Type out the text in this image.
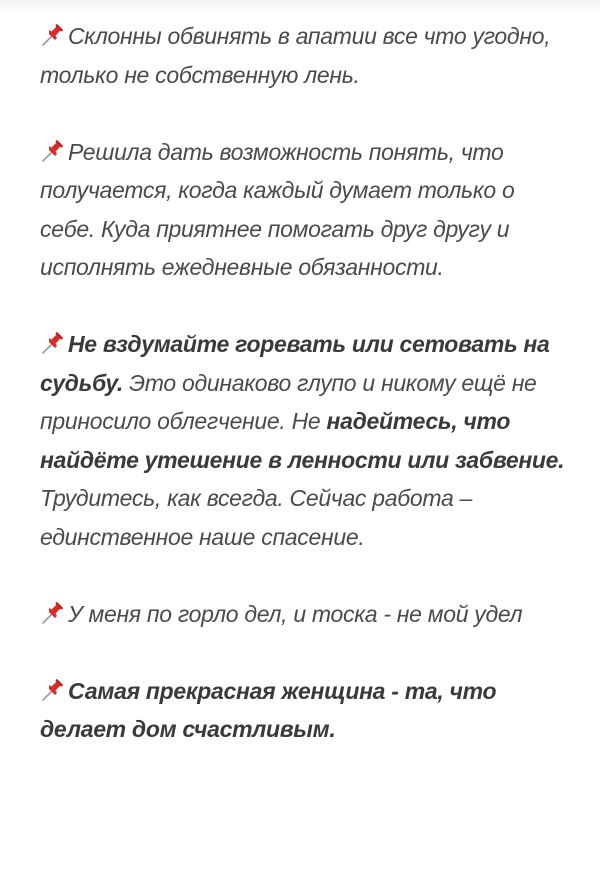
Склонны обвинять в апатии все что угодно, только не собственную лень.

Решила дать возможность понять, что получается, когда каждый думает только о себе. Куда приятнее помогать друг другу и исполнять ежедневные обязанности.

Не вздумайте горевать или сетовать на судьбу. Это одинаково глупо и никому ещё не приносило облегчение. Не надейтесь, что найдёте утешение в ленности или забвение. Трудитесь, как всегда. Сейчас работа – единственное наше спасение.

У меня по горло дел, и тоска - не мой удел

Самая прекрасная женщина - та, что делает дом счастливым.
